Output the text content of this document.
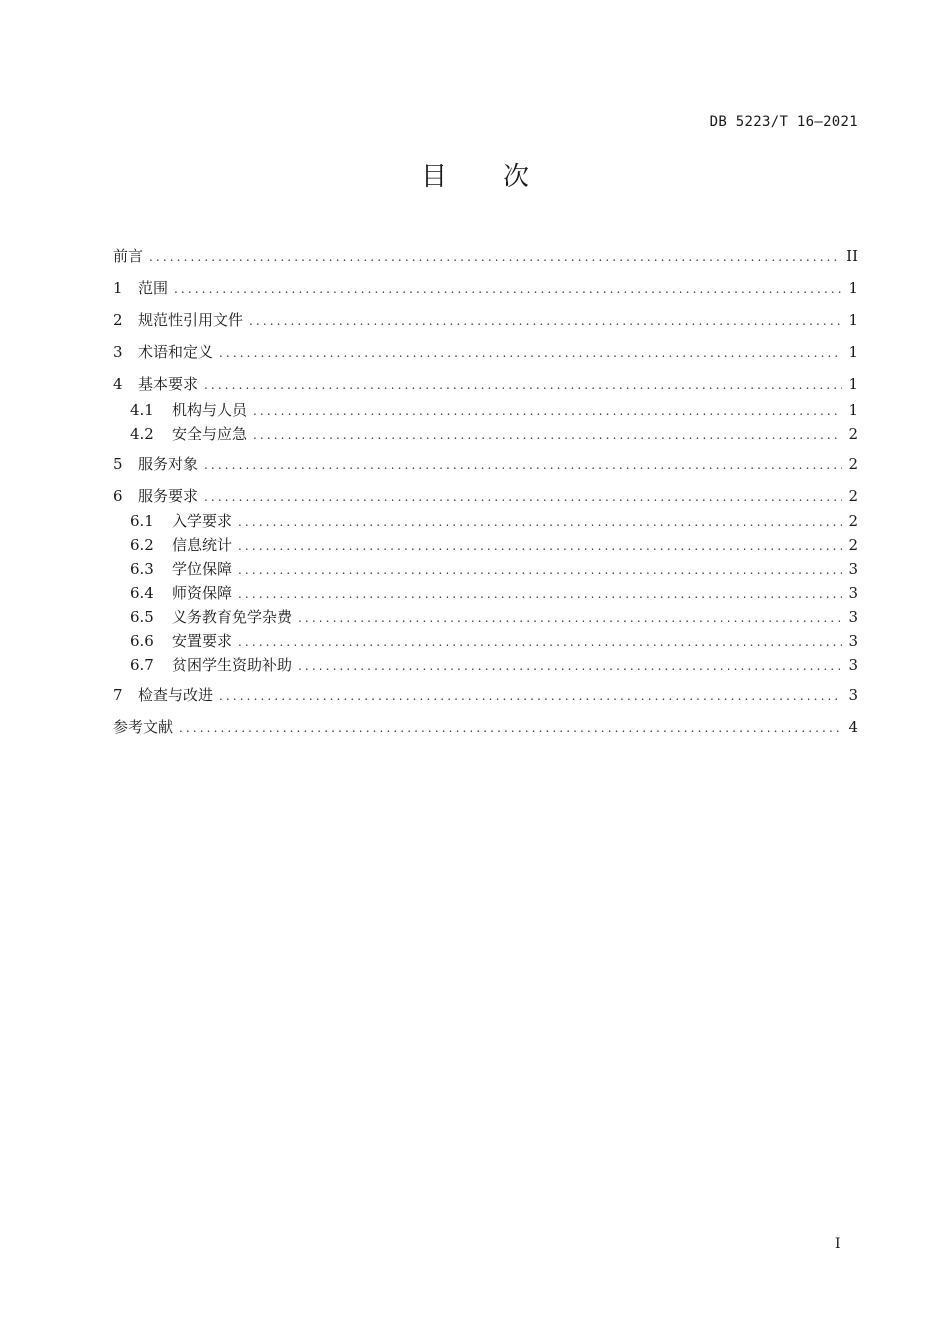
DB 5223/T 16—2021
目 次
前言 .....	II
1	范围 .....	1
2	规范性引用文件 .....	1
3	术语和定义 .....	1
4	基本要求 .....	1
4.1	机构与人员 .....	1
4.2	安全与应急 .....	2
5	服务对象 .....	2
6	服务要求 .....	2
6.1	入学要求 .....	2
6.2	信息统计 .....	2
6.3	学位保障 .....	3
6.4	师资保障 .....	3
6.5	义务教育免学杂费 .....	3
6.6	安置要求 .....	3
6.7	贫困学生资助补助 .....	3
7	检查与改进 .....	3
参考文献 .....	4
I
